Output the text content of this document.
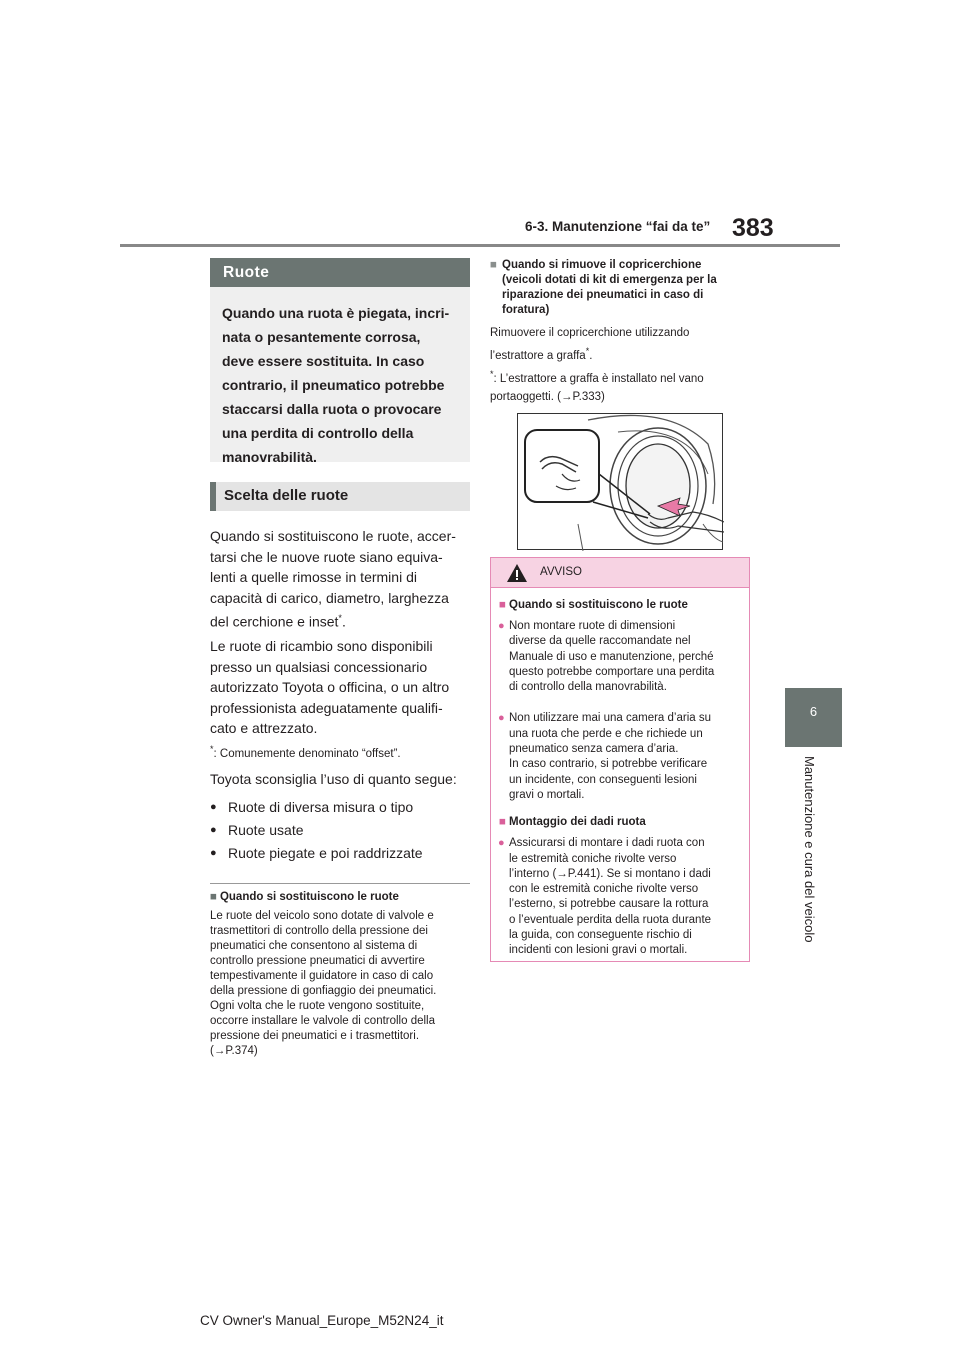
383
6-3. Manutenzione “fai da te”
6
Manutenzione e cura del veicolo
Ruote
Quando una ruota è piegata, incri-
nata o pesantemente corrosa,
deve essere sostituita. In caso
contrario, il pneumatico potrebbe
staccarsi dalla ruota o provocare
una perdita di controllo della
manovrabilità.
Scelta delle ruote

Quando si sostituiscono le ruote, accer-
tarsi che le nuove ruote siano equiva-
lenti a quelle rimosse in termini di
capacità di carico, diametro, larghezza
del cerchione e inset*.

Le ruote di ricambio sono disponibili
presso un qualsiasi concessionario
autorizzato Toyota o officina, o un altro
professionista adeguatamente qualifi-
cato e attrezzato.

*: Comunemente denominato “offset”.

Toyota sconsiglia l’uso di quanto segue:

● Ruote di diversa misura o tipo
● Ruote usate
● Ruote piegate e poi raddrizzate
■ Quando si sostituiscono le ruote
Le ruote del veicolo sono dotate di valvole e
trasmettitori di controllo della pressione dei
pneumatici che consentono al sistema di
controllo pressione pneumatici di avvertire
tempestivamente il guidatore in caso di calo
della pressione di gonfiaggio dei pneumatici.
Ogni volta che le ruote vengono sostituite,
occorre installare le valvole di controllo della
pressione dei pneumatici e i trasmettitori.
(→P.374)
■ Quando si rimuove il copricerchione
(veicoli dotati di kit di emergenza per la
riparazione dei pneumatici in caso di
foratura)
Rimuovere il copricerchione utilizzando
l’estrattore a graffa*.
*: L’estrattore a graffa è installato nel vano
portaoggetti. (→P.333)
AVVISO
■ Quando si sostituiscono le ruote
● Non montare ruote di dimensioni
diverse da quelle raccomandate nel
Manuale di uso e manutenzione, perché
questo potrebbe comportare una perdita
di controllo della manovrabilità.
● Non utilizzare mai una camera d’aria su
una ruota che perde e che richiede un
pneumatico senza camera d’aria.
In caso contrario, si potrebbe verificare
un incidente, con conseguenti lesioni
gravi o mortali.
■ Montaggio dei dadi ruota
● Assicurarsi di montare i dadi ruota con
le estremità coniche rivolte verso
l’interno (→P.441). Se si montano i dadi
con le estremità coniche rivolte verso
l’esterno, si potrebbe causare la rottura
o l’eventuale perdita della ruota durante
la guida, con conseguente rischio di
incidenti con lesioni gravi o mortali.
CV Owner's Manual_Europe_M52N24_it
